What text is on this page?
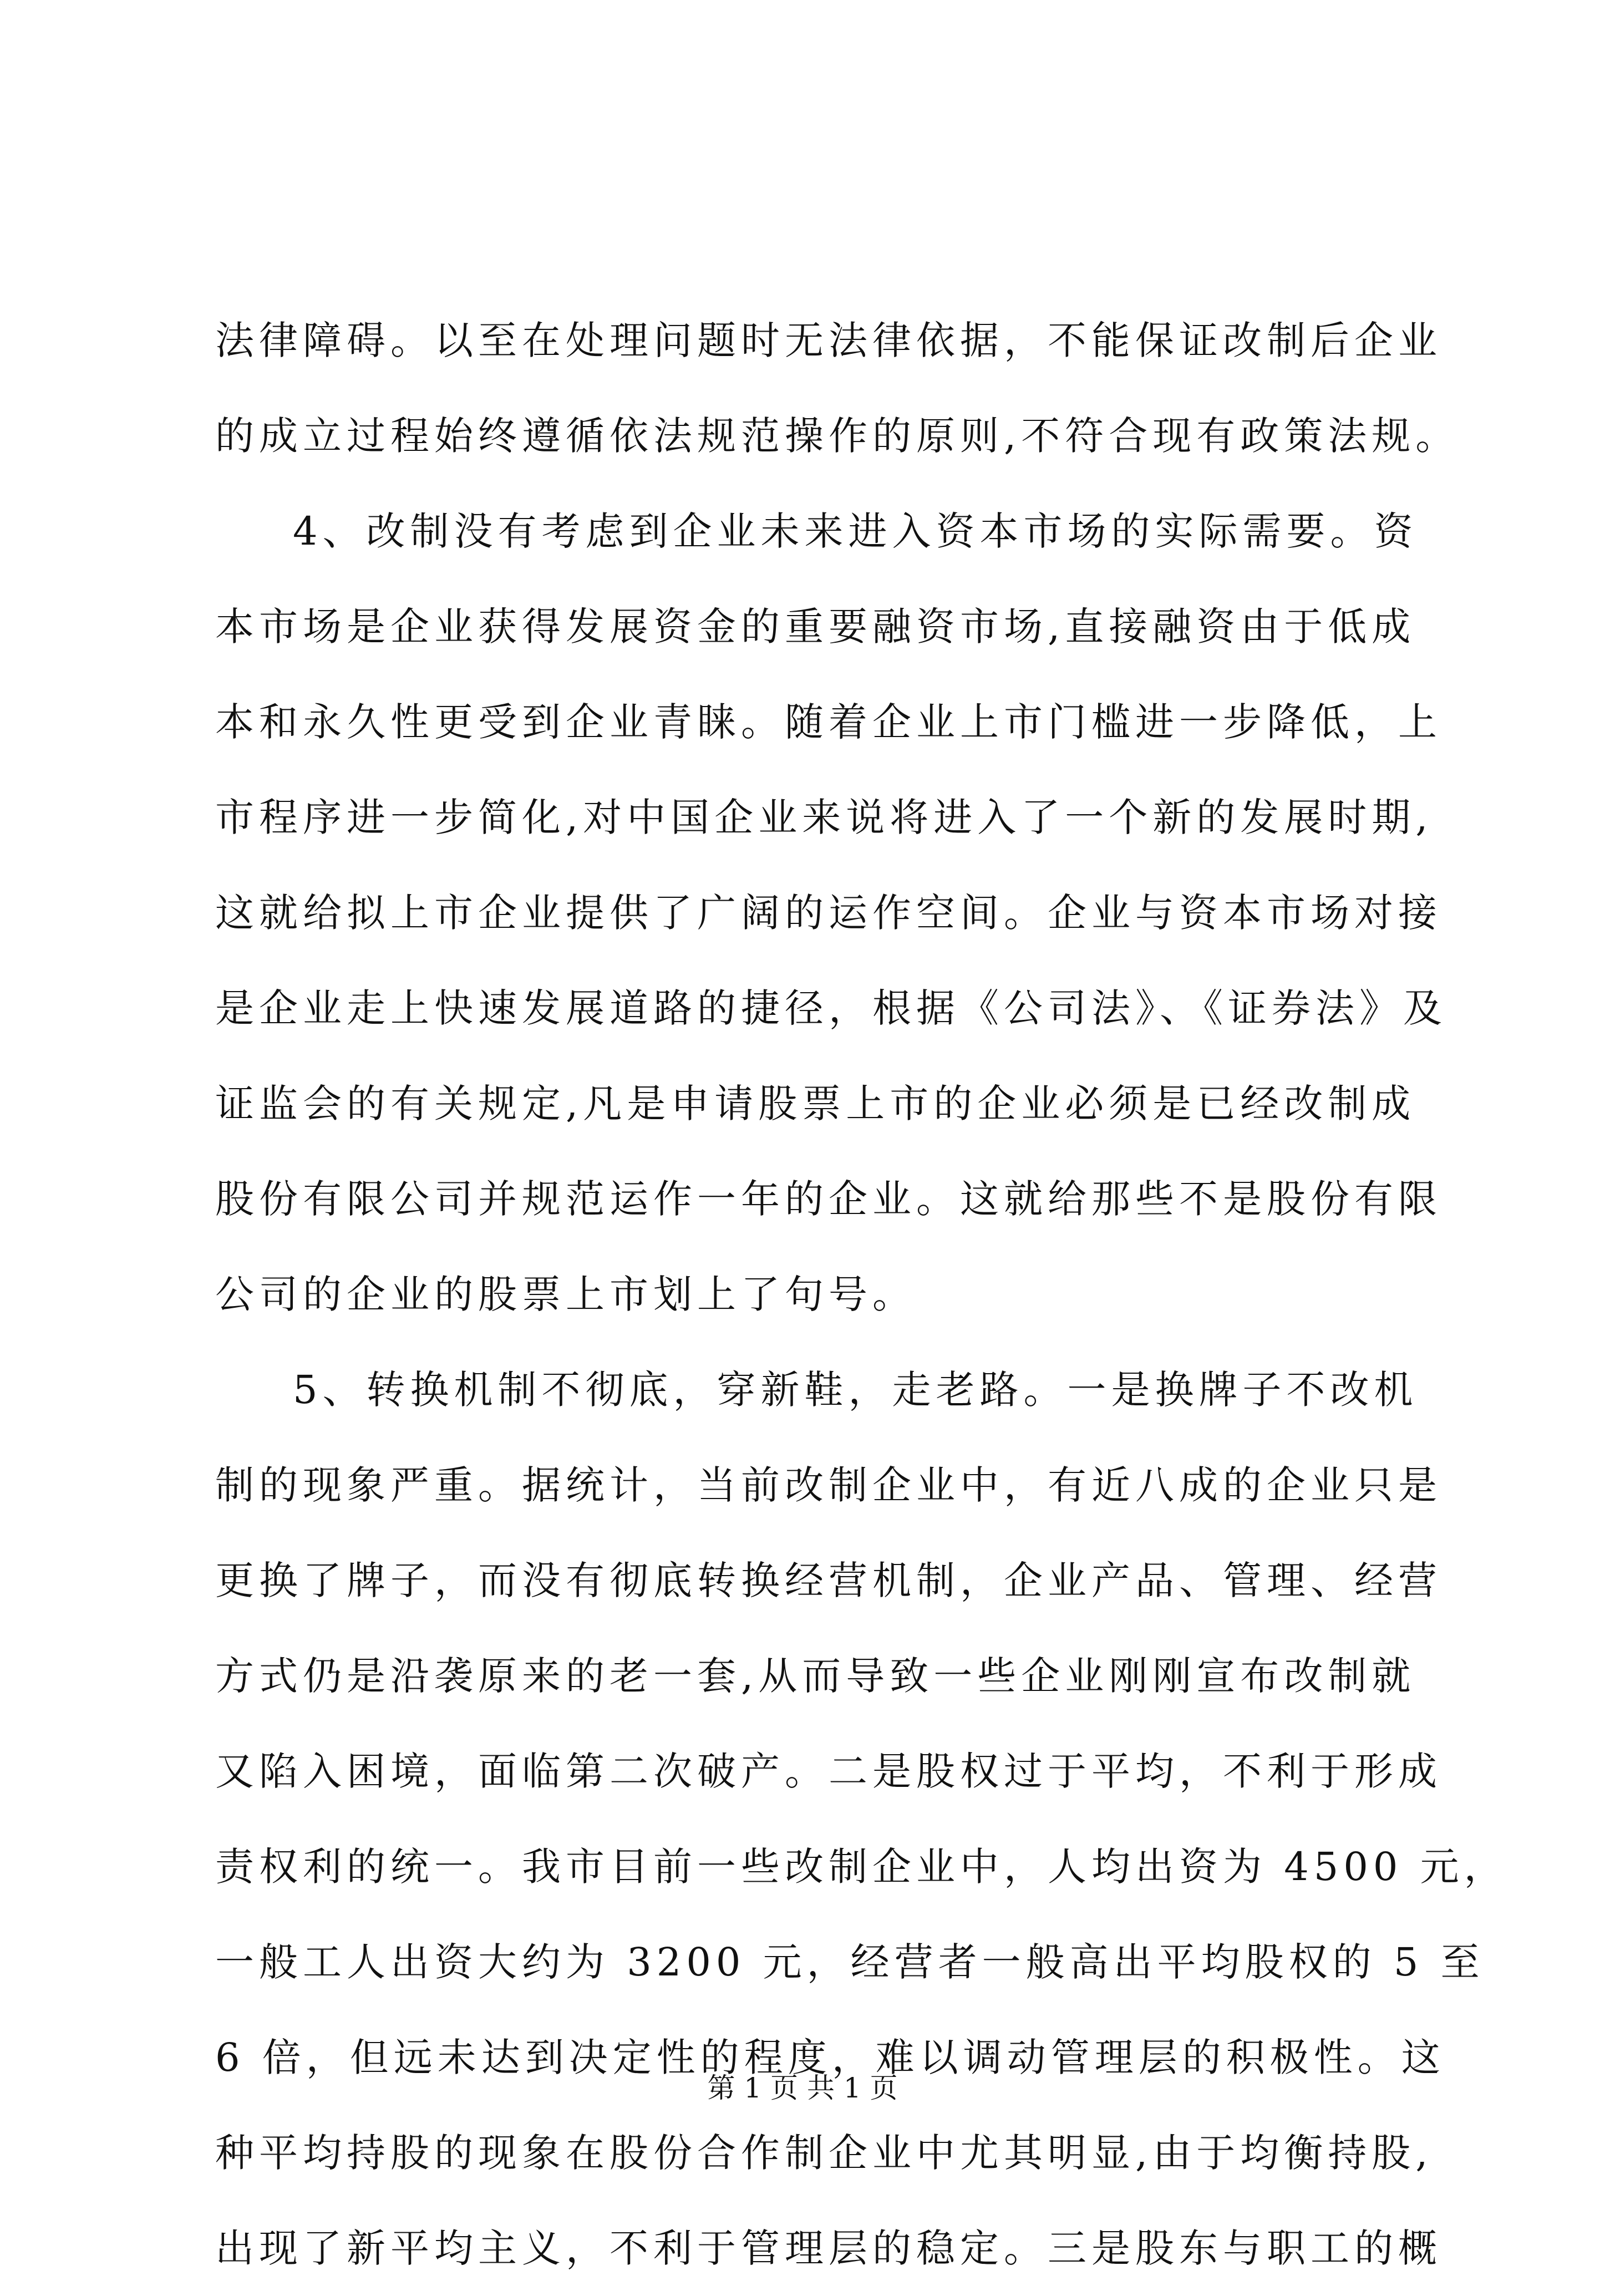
法律障碍。以至在处理问题时无法律依据，不能保证改制后企业
的成立过程始终遵循依法规范操作的原则,不符合现有政策法规。
4、改制没有考虑到企业未来进入资本市场的实际需要。资
本市场是企业获得发展资金的重要融资市场,直接融资由于低成
本和永久性更受到企业青睐。随着企业上市门槛进一步降低，上
市程序进一步简化,对中国企业来说将进入了一个新的发展时期,
这就给拟上市企业提供了广阔的运作空间。企业与资本市场对接
是企业走上快速发展道路的捷径，根据《公司法》、《证券法》及
证监会的有关规定,凡是申请股票上市的企业必须是已经改制成
股份有限公司并规范运作一年的企业。这就给那些不是股份有限
公司的企业的股票上市划上了句号。
5、转换机制不彻底，穿新鞋，走老路。一是换牌子不改机
制的现象严重。据统计，当前改制企业中，有近八成的企业只是
更换了牌子，而没有彻底转换经营机制，企业产品、管理、经营
方式仍是沿袭原来的老一套,从而导致一些企业刚刚宣布改制就
又陷入困境，面临第二次破产。二是股权过于平均，不利于形成
责权利的统一。我市目前一些改制企业中，人均出资为 4500 元，
一般工人出资大约为 3200 元，经营者一般高出平均股权的 5 至
6 倍，但远未达到决定性的程度，难以调动管理层的积极性。这
种平均持股的现象在股份合作制企业中尤其明显,由于均衡持股,
出现了新平均主义，不利于管理层的稳定。三是股东与职工的概
第 1 页 共 1 页
